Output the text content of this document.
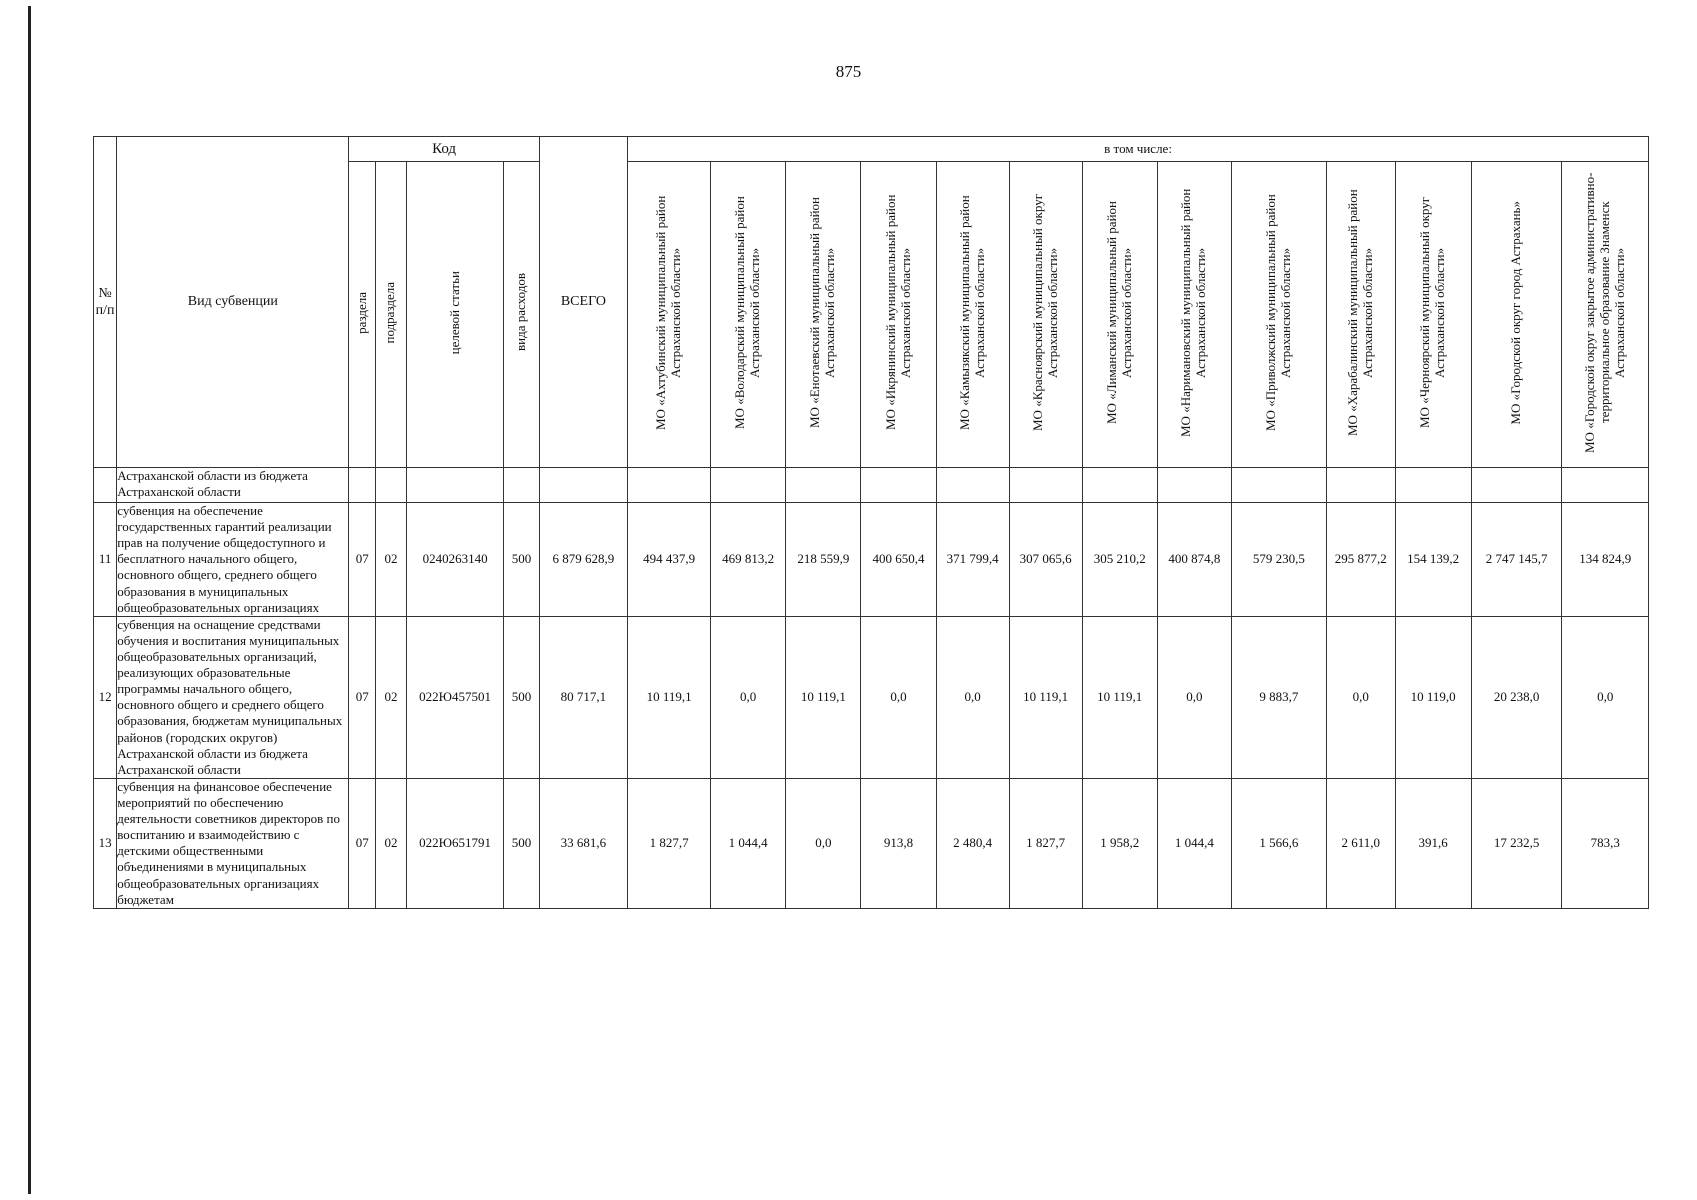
875
№ п/п	Вид субвенции	Код				ВСЕГО	в том числе:												
		раздела	подраздела	целевой статьи	вида расходов		МО «Ахтубинский муниципальный район Астраханской области»	МО «Володарский муниципальный район Астраханской области»	МО «Енотаевский муниципальный район Астраханской области»	МО «Икрянинский муниципальный район Астраханской области»	МО «Камызякский муниципальный район Астраханской области»	МО «Красноярский муниципальный округ Астраханской области»	МО «Лиманский муниципальный район Астраханской области»	МО «Наримановский муниципальный район Астраханской области»	МО «Приволжский муниципальный район Астраханской области»	МО «Харабалинский муниципальный район Астраханской области»	МО «Черноярский муниципальный округ Астраханской области»	МО «Городской округ город Астрахань»	МО «Городской округ закрытое административно-территориальное образование Знаменск Астраханской области»
	Астраханской области из бюджета Астраханской области																		
11	субвенция на обеспечение государственных гарантий реализации прав на получение общедоступного и бесплатного начального общего, основного общего, среднего общего образования в муниципальных общеобразовательных организациях	07	02	0240263140	500	6 879 628,9	494 437,9	469 813,2	218 559,9	400 650,4	371 799,4	307 065,6	305 210,2	400 874,8	579 230,5	295 877,2	154 139,2	2 747 145,7	134 824,9
12	субвенция на оснащение средствами обучения и воспитания муниципальных общеобразовательных организаций, реализующих образовательные программы начального общего, основного общего и среднего общего образования, бюджетам муниципальных районов (городских округов) Астраханской области из бюджета Астраханской области	07	02	022Ю457501	500	80 717,1	10 119,1	0,0	10 119,1	0,0	0,0	10 119,1	10 119,1	0,0	9 883,7	0,0	10 119,0	20 238,0	0,0
13	субвенция на финансовое обеспечение мероприятий по обеспечению деятельности советников директоров по воспитанию и взаимодействию с детскими общественными объединениями в муниципальных общеобразовательных организациях бюджетам	07	02	022Ю651791	500	33 681,6	1 827,7	1 044,4	0,0	913,8	2 480,4	1 827,7	1 958,2	1 044,4	1 566,6	2 611,0	391,6	17 232,5	783,3
